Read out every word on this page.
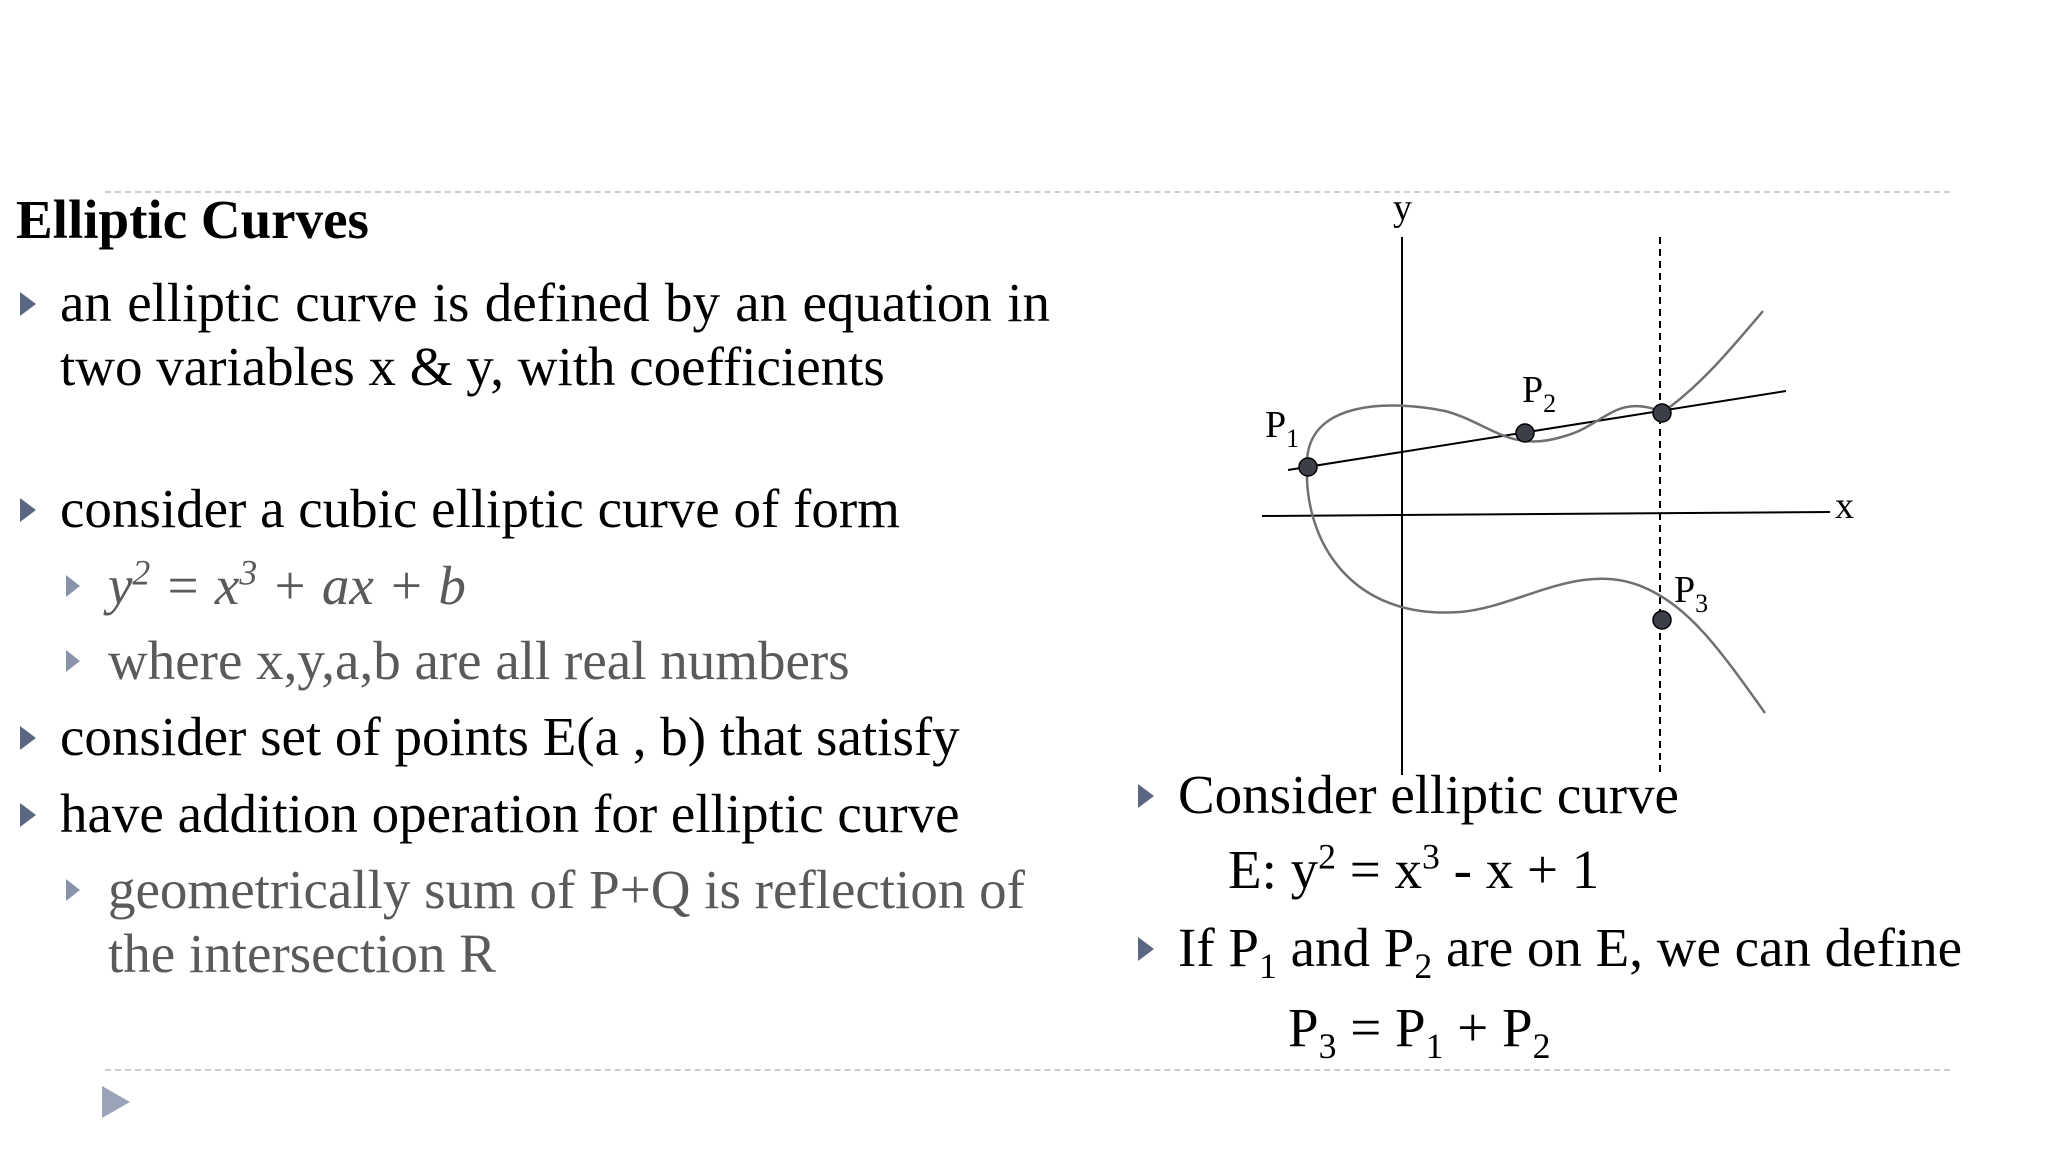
Elliptic Curves
an elliptic curve is defined by an equation in two variables x & y, with coefficients
consider a cubic elliptic curve of form
$y^2 = x^3$ + ax + b
where x,y,a,b are all real numbers
consider set of points E(a , b) that satisfy
have addition operation for elliptic curve
geometrically sum of P+Q is reflection of the intersection R
Consider elliptic curve
E: $y^2 = x^3 - x + 1$
If $P_1$ and $P_2$ are on E, we can define
$P_3 = P_1 + P_2$
y
x
$P_1$
$P_2$
$P_3$
